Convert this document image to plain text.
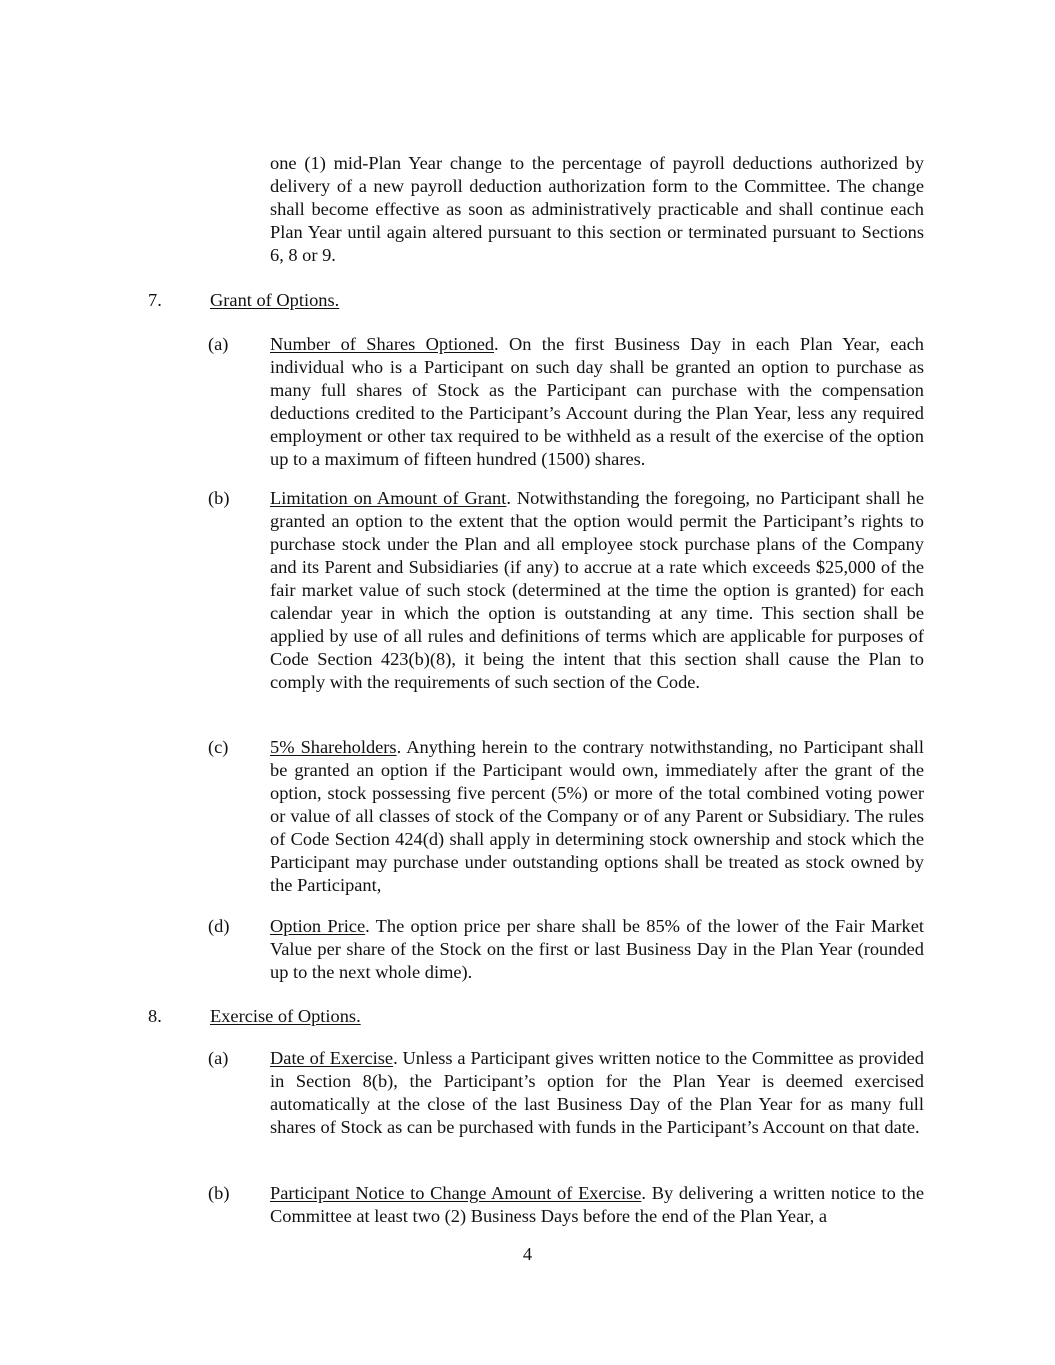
one (1) mid-Plan Year change to the percentage of payroll deductions authorized by delivery of a new payroll deduction authorization form to the Committee. The change shall become effective as soon as administratively practicable and shall continue each Plan Year until again altered pursuant to this section or terminated pursuant to Sections 6, 8 or 9.

7.	Grant of Options.
(a) Number of Shares Optioned. On the first Business Day in each Plan Year, each individual who is a Participant on such day shall be granted an option to purchase as many full shares of Stock as the Participant can purchase with the compensation deductions credited to the Participant’s Account during the Plan Year, less any required employment or other tax required to be withheld as a result of the exercise of the option up to a maximum of fifteen hundred (1500) shares.

(b) Limitation on Amount of Grant. Notwithstanding the foregoing, no Participant shall he granted an option to the extent that the option would permit the Participant’s rights to purchase stock under the Plan and all employee stock purchase plans of the Company and its Parent and Subsidiaries (if any) to accrue at a rate which exceeds $25,000 of the fair market value of such stock (determined at the time the option is granted) for each calendar year in which the option is outstanding at any time. This section shall be applied by use of all rules and definitions of terms which are applicable for purposes of Code Section 423(b)(8), it being the intent that this section shall cause the Plan to comply with the requirements of such section of the Code.

(c) 5% Shareholders. Anything herein to the contrary notwithstanding, no Participant shall be granted an option if the Participant would own, immediately after the grant of the option, stock possessing five percent (5%) or more of the total combined voting power or value of all classes of stock of the Company or of any Parent or Subsidiary. The rules of Code Section 424(d) shall apply in determining stock ownership and stock which the Participant may purchase under outstanding options shall be treated as stock owned by the Participant,

(d) Option Price. The option price per share shall be 85% of the lower of the Fair Market Value per share of the Stock on the first or last Business Day in the Plan Year (rounded up to the next whole dime).

8.	Exercise of Options.
(a) Date of Exercise. Unless a Participant gives written notice to the Committee as provided in Section 8(b), the Participant’s option for the Plan Year is deemed exercised automatically at the close of the last Business Day of the Plan Year for as many full shares of Stock as can be purchased with funds in the Participant’s Account on that date.

(b) Participant Notice to Change Amount of Exercise. By delivering a written notice to the Committee at least two (2) Business Days before the end of the Plan Year, a

4
